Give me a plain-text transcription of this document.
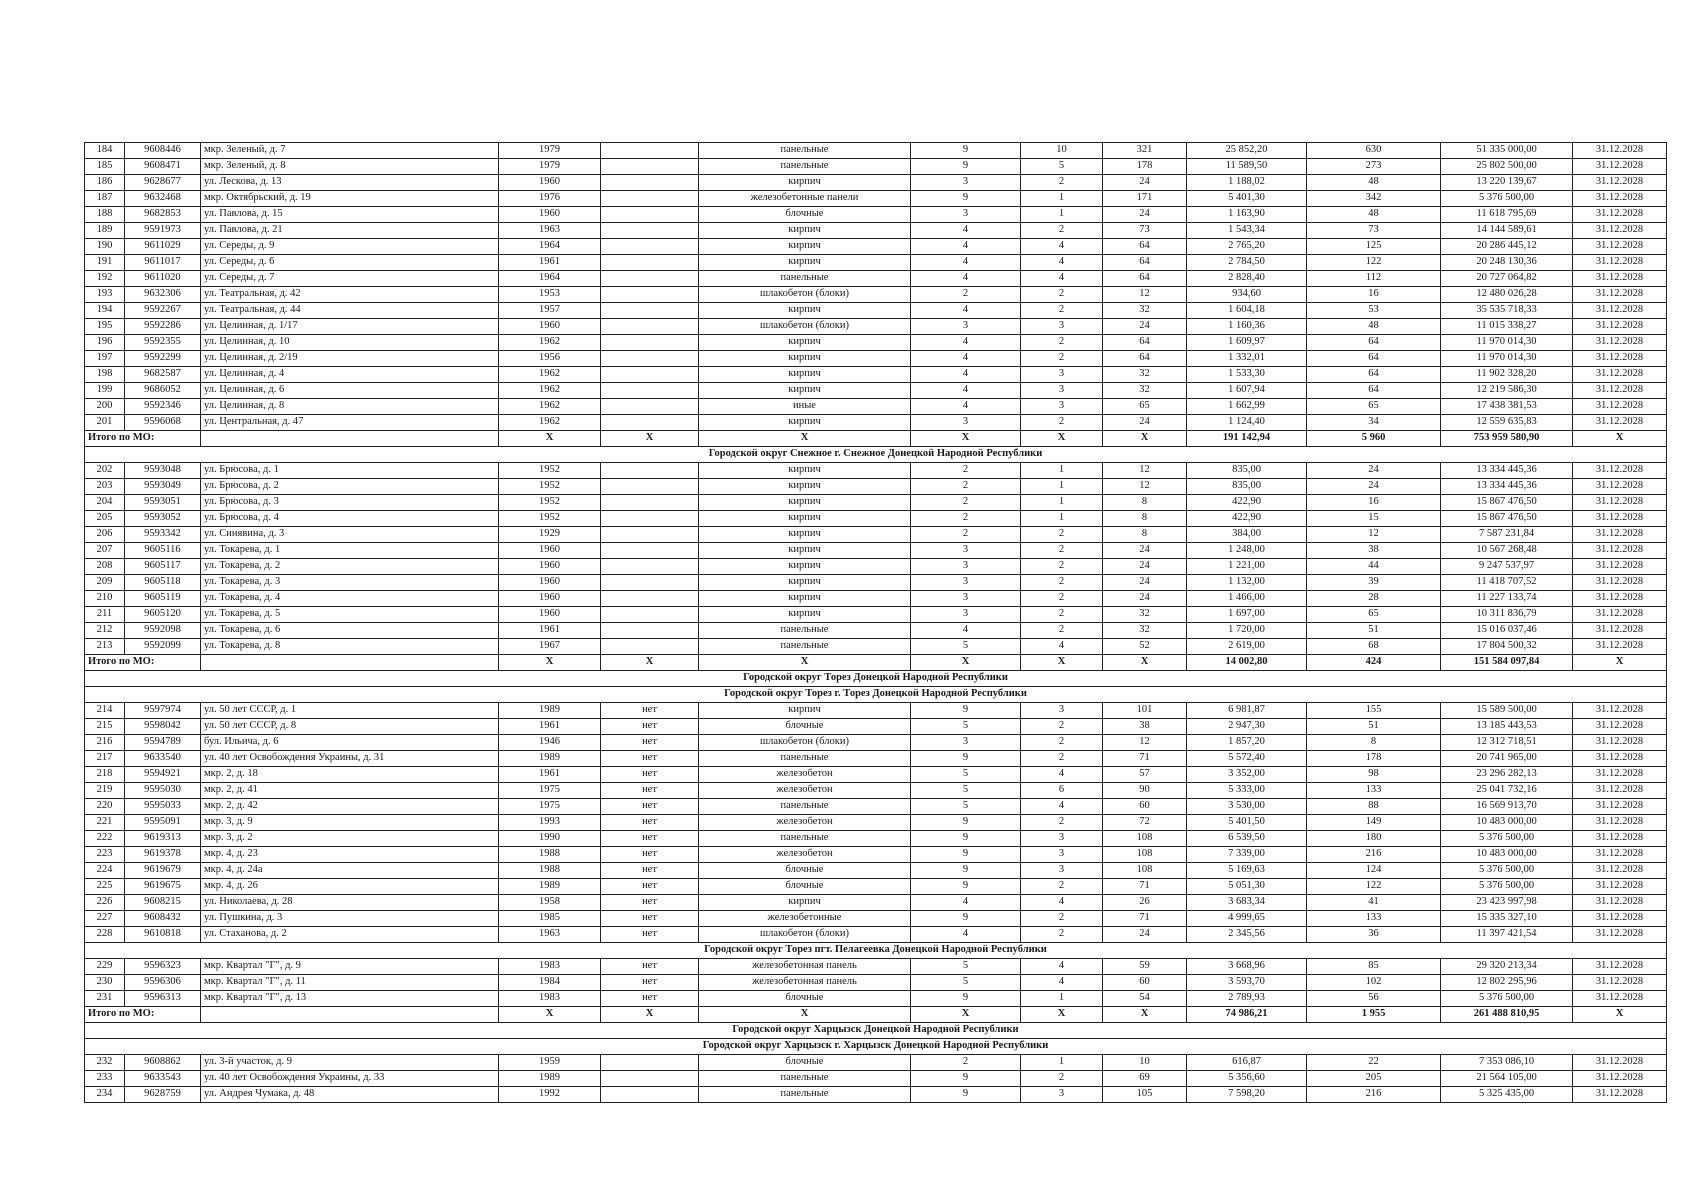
184	9608446	мкр. Зеленый, д. 7	1979		панельные	9	10	321	25 852,20	630	51 335 000,00	31.12.2028
185	9608471	мкр. Зеленый, д. 8	1979		панельные	9	5	178	11 589,50	273	25 802 500,00	31.12.2028
186	9628677	ул. Лескова, д. 13	1960		кирпич	3	2	24	1 188,02	48	13 220 139,67	31.12.2028
187	9632468	мкр. Октябрьский, д. 19	1976		железобетонные панели	9	1	171	5 401,30	342	5 376 500,00	31.12.2028
188	9682853	ул. Павлова, д. 15	1960		блочные	3	1	24	1 163,90	48	11 618 795,69	31.12.2028
189	9591973	ул. Павлова, д. 21	1963		кирпич	4	2	73	1 543,34	73	14 144 589,61	31.12.2028
190	9611029	ул. Середы, д. 9	1964		кирпич	4	4	64	2 765,20	125	20 286 445,12	31.12.2028
191	9611017	ул. Середы, д. 6	1961		кирпич	4	4	64	2 784,50	122	20 248 130,36	31.12.2028
192	9611020	ул. Середы, д. 7	1964		панельные	4	4	64	2 828,40	112	20 727 064,82	31.12.2028
193	9632306	ул. Театральная, д. 42	1953		шлакобетон (блоки)	2	2	12	934,60	16	12 480 026,28	31.12.2028
194	9592267	ул. Театральная, д. 44	1957		кирпич	4	2	32	1 604,18	53	35 535 718,33	31.12.2028
195	9592286	ул. Целинная, д. 1/17	1960		шлакобетон (блоки)	3	3	24	1 160,36	48	11 015 338,27	31.12.2028
196	9592355	ул. Целинная, д. 10	1962		кирпич	4	2	64	1 609,97	64	11 970 014,30	31.12.2028
197	9592299	ул. Целинная, д. 2/19	1956		кирпич	4	2	64	1 332,01	64	11 970 014,30	31.12.2028
198	9682587	ул. Целинная, д. 4	1962		кирпич	4	3	32	1 533,30	64	11 902 328,20	31.12.2028
199	9686052	ул. Целинная, д. 6	1962		кирпич	4	3	32	1 607,94	64	12 219 586,30	31.12.2028
200	9592346	ул. Целинная, д. 8	1962		иные	4	3	65	1 662,99	65	17 438 381,53	31.12.2028
201	9596068	ул. Центральная, д. 47	1962		кирпич	3	2	24	1 124,40	34	12 559 635,83	31.12.2028
Итого по МО:			X	X	X	X	X	X	191 142,94	5 960	753 959 580,90	X
Городской округ Снежное г. Снежное Донецкой Народной Республики												
202	9593048	ул. Брюсова, д. 1	1952		кирпич	2	1	12	835,00	24	13 334 445,36	31.12.2028
203	9593049	ул. Брюсова, д. 2	1952		кирпич	2	1	12	835,00	24	13 334 445,36	31.12.2028
204	9593051	ул. Брюсова, д. 3	1952		кирпич	2	1	8	422,90	16	15 867 476,50	31.12.2028
205	9593052	ул. Брюсова, д. 4	1952		кирпич	2	1	8	422,90	15	15 867 476,50	31.12.2028
206	9593342	ул. Синявина, д. 3	1929		кирпич	2	2	8	384,00	12	7 587 231,84	31.12.2028
207	9605116	ул. Токарева, д. 1	1960		кирпич	3	2	24	1 248,00	38	10 567 268,48	31.12.2028
208	9605117	ул. Токарева, д. 2	1960		кирпич	3	2	24	1 221,00	44	9 247 537,97	31.12.2028
209	9605118	ул. Токарева, д. 3	1960		кирпич	3	2	24	1 132,00	39	11 418 707,52	31.12.2028
210	9605119	ул. Токарева, д. 4	1960		кирпич	3	2	24	1 466,00	28	11 227 133,74	31.12.2028
211	9605120	ул. Токарева, д. 5	1960		кирпич	3	2	32	1 697,00	65	10 311 836,79	31.12.2028
212	9592098	ул. Токарева, д. 6	1961		панельные	4	2	32	1 720,00	51	15 016 037,46	31.12.2028
213	9592099	ул. Токарева, д. 8	1967		панельные	5	4	52	2 619,00	68	17 804 500,32	31.12.2028
Итого по МО:			X	X	X	X	X	X	14 002,80	424	151 584 097,84	X
Городской округ Торез Донецкой Народной Республики												
Городской округ Торез г. Торез Донецкой Народной Республики												
214	9597974	ул. 50 лет СССР, д. 1	1989	нет	кирпич	9	3	101	6 981,87	155	15 589 500,00	31.12.2028
215	9598042	ул. 50 лет СССР, д. 8	1961	нет	блочные	5	2	38	2 947,30	51	13 185 443,53	31.12.2028
216	9594789	бул. Ильича, д. 6	1946	нет	шлакобетон (блоки)	3	2	12	1 857,20	8	12 312 718,51	31.12.2028
217	9633540	ул. 40 лет Освобождения Украины, д. 31	1989	нет	панельные	9	2	71	5 572,40	178	20 741 965,00	31.12.2028
218	9594921	мкр. 2, д. 18	1961	нет	железобетон	5	4	57	3 352,00	98	23 296 282,13	31.12.2028
219	9595030	мкр. 2, д. 41	1975	нет	железобетон	5	6	90	5 333,00	133	25 041 732,16	31.12.2028
220	9595033	мкр. 2, д. 42	1975	нет	панельные	5	4	60	3 530,00	88	16 569 913,70	31.12.2028
221	9595091	мкр. 3, д. 9	1993	нет	железобетон	9	2	72	5 401,50	149	10 483 000,00	31.12.2028
222	9619313	мкр. 3, д. 2	1990	нет	панельные	9	3	108	6 539,50	180	5 376 500,00	31.12.2028
223	9619378	мкр. 4, д. 23	1988	нет	железобетон	9	3	108	7 339,00	216	10 483 000,00	31.12.2028
224	9619679	мкр. 4, д. 24а	1988	нет	блочные	9	3	108	5 169,63	124	5 376 500,00	31.12.2028
225	9619675	мкр. 4, д. 26	1989	нет	блочные	9	2	71	5 051,30	122	5 376 500,00	31.12.2028
226	9608215	ул. Николаева, д. 28	1958	нет	кирпич	4	4	26	3 683,34	41	23 423 997,98	31.12.2028
227	9608432	ул. Пушкина, д. 3	1985	нет	железобетонные	9	2	71	4 999,65	133	15 335 327,10	31.12.2028
228	9610818	ул. Стаханова, д. 2	1963	нет	шлакобетон (блоки)	4	2	24	2 345,56	36	11 397 421,54	31.12.2028
Городской округ Торез пгт. Пелагеевка Донецкой Народной Республики												
229	9596323	мкр. Квартал "Г", д. 9	1983	нет	железобетонная панель	5	4	59	3 668,96	85	29 320 213,34	31.12.2028
230	9596306	мкр. Квартал "Г", д. 11	1984	нет	железобетонная панель	5	4	60	3 593,70	102	12 802 295,96	31.12.2028
231	9596313	мкр. Квартал "Г", д. 13	1983	нет	блочные	9	1	54	2 789,93	56	5 376 500,00	31.12.2028
Итого по МО:			X	X	X	X	X	X	74 986,21	1 955	261 488 810,95	X
Городской округ Харцызск Донецкой Народной Республики												
Городской округ Харцызск г. Харцызск Донецкой Народной Республики												
232	9608862	ул. 3-й участок, д. 9	1959		блочные	2	1	10	616,87	22	7 353 086,10	31.12.2028
233	9633543	ул. 40 лет Освобождения Украины, д. 33	1989		панельные	9	2	69	5 356,60	205	21 564 105,00	31.12.2028
234	9628759	ул. Андрея Чумака, д. 48	1992		панельные	9	3	105	7 598,20	216	5 325 435,00	31.12.2028
